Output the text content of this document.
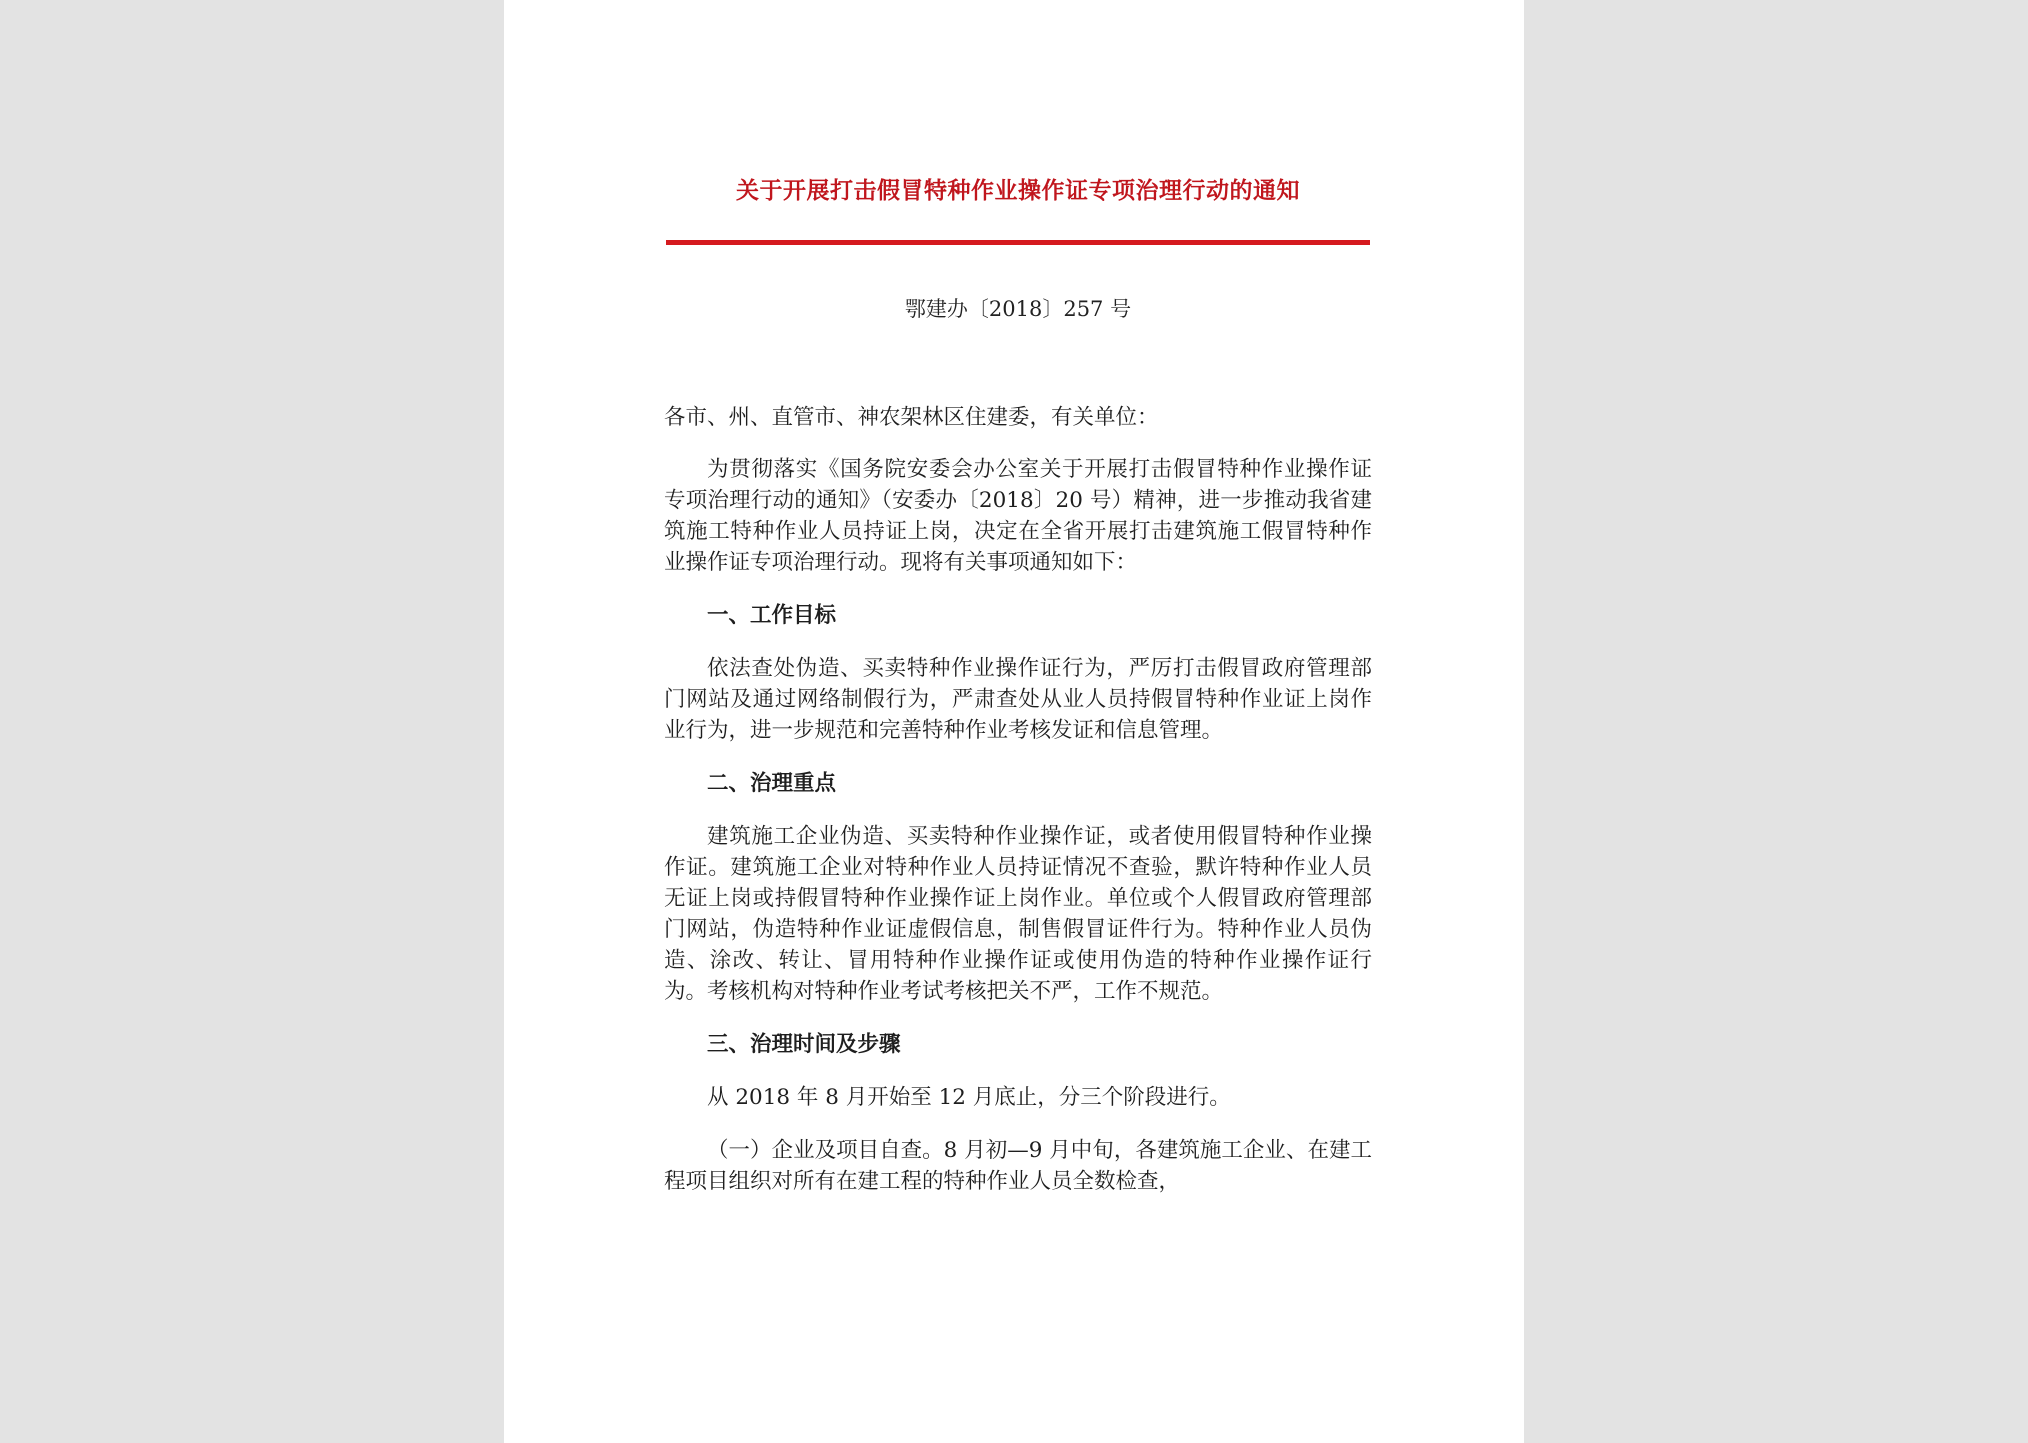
关于开展打击假冒特种作业操作证专项治理行动的通知
鄂建办〔2018〕257 号

各市、州、直管市、神农架林区住建委，有关单位：

为贯彻落实《国务院安委会办公室关于开展打击假冒特种作业操作证专项治理行动的通知》（安委办〔2018〕20 号）精神，进一步推动我省建筑施工特种作业人员持证上岗，决定在全省开展打击建筑施工假冒特种作业操作证专项治理行动。现将有关事项通知如下：

一、工作目标

依法查处伪造、买卖特种作业操作证行为，严厉打击假冒政府管理部门网站及通过网络制假行为，严肃查处从业人员持假冒特种作业证上岗作业行为，进一步规范和完善特种作业考核发证和信息管理。

二、治理重点

建筑施工企业伪造、买卖特种作业操作证，或者使用假冒特种作业操作证。建筑施工企业对特种作业人员持证情况不查验，默许特种作业人员无证上岗或持假冒特种作业操作证上岗作业。单位或个人假冒政府管理部门网站，伪造特种作业证虚假信息，制售假冒证件行为。特种作业人员伪造、涂改、转让、冒用特种作业操作证或使用伪造的特种作业操作证行为。考核机构对特种作业考试考核把关不严，工作不规范。

三、治理时间及步骤

从 2018 年 8 月开始至 12 月底止，分三个阶段进行。

（一）企业及项目自查。8 月初—9 月中旬，各建筑施工企业、在建工程项目组织对所有在建工程的特种作业人员全数检查，
